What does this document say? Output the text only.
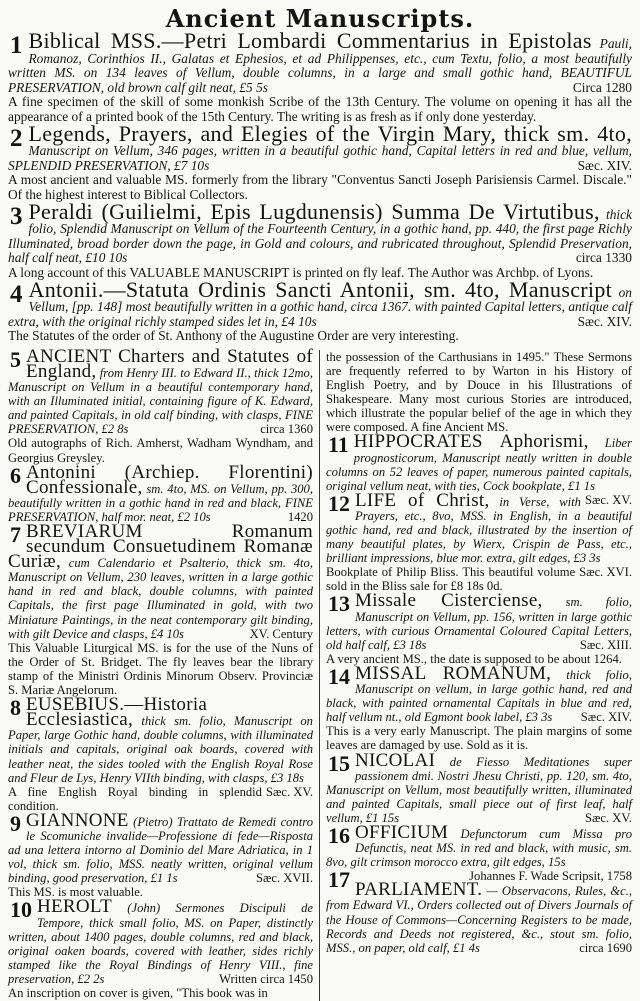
Ancient Manuscripts.

1 Biblical MSS.—Petri Lombardi Commentarius in Epistolas Pauli, Romanoz, Corinthios II., Galatas et Ephesios, et ad Philippenses, etc., cum Textu, folio, a most beautifully written MS. on 134 leaves of Vellum, double columns, in a large and small gothic hand, BEAUTIFUL PRESERVATION, old brown calf gilt neat, £5 5s	Circa 1280

A fine specimen of the skill of some monkish Scribe of the 13th Century. The volume on opening it has all the appearance of a printed book of the 15th Century. The writing is as fresh as if only done yesterday.

2 Legends, Prayers, and Elegies of the Virgin Mary, thick sm. 4to, Manuscript on Vellum, 346 pages, written in a beautiful gothic hand, Capital letters in red and blue, vellum, SPLENDID PRESERVATION, £7 10s	Sæc. XIV.

A most ancient and valuable MS. formerly from the library "Conventus Sancti Joseph Parisiensis Carmel. Discale." Of the highest interest to Biblical Collectors.

3 Peraldi (Guilielmi, Epis Lugdunensis) Summa De Virtutibus, thick folio, Splendid Manuscript on Vellum of the Fourteenth Century, in a gothic hand, pp. 440, the first page Richly Illuminated, broad border down the page, in Gold and colours, and rubricated throughout, Splendid Preservation, half calf neat, £10 10s	circa 1330

A long account of this VALUABLE MANUSCRIPT is printed on fly leaf. The Author was Archbp. of Lyons.

4 Antonii.—Statuta Ordinis Sancti Antonii, sm. 4to, Manuscript on Vellum, [pp. 148] most beautifully written in a gothic hand, circa 1367. with painted Capital letters, antique calf extra, with the original richly stamped sides let in, £4 10s	Sæc. XIV.

The Statutes of the order of St. Anthony of the Augustine Order are very interesting.

5 ANCIENT Charters and Statutes of England, from Henry III. to Edward II., thick 12mo, Manuscript on Vellum in a beautiful contemporary hand, with an Illuminated initial, containing figure of K. Edward, and painted Capitals, in old calf binding, with clasps, FINE PRESERVATION, £2 8s	circa 1360

Old autographs of Rich. Amherst, Wadham Wyndham, and Georgius Greysley.

6 Antonini (Archiep. Florentini) Confessionale, sm. 4to, MS. on Vellum, pp. 300, beautifully written in a gothic hand in red and black, FINE PRESERVATION, half mor. neat, £2 10s	1420

7 BREVIARUM Romanum secundum Consuetudinem Romanæ Curiæ, cum Calendario et Psalterio, thick sm. 4to, Manuscript on Vellum, 230 leaves, written in a large gothic hand in red and black, double columns, with painted Capitals, the first page Illuminated in gold, with two Miniature Paintings, in the neat contemporary gilt binding, with gilt Device and clasps, £4 10s	XV. Century

This Valuable Liturgical MS. is for the use of the Nuns of the Order of St. Bridget. The fly leaves bear the library stamp of the Ministri Ordinis Minorum Observ. Provinciæ S. Mariæ Angelorum.

8 EUSEBIUS.—Historia Ecclesiastica, thick sm. folio, Manuscript on Paper, large Gothic hand, double columns, with illuminated initials and capitals, original oak boards, covered with leather neat, the sides tooled with the English Royal Rose and Fleur de Lys, Henry VIIth binding, with clasps, £3 18s
Sæc. XV.

A fine English Royal binding in splendid condition.

9 GIANNONE (Pietro) Trattato de Remedi contro le Scomuniche invalide—Professione di fede—Risposta ad una lettera intorno al Dominio del Mare Adriatica, in 1 vol, thick sm. folio, MSS. neatly written, original vellum binding, good preservation, £1 1s	Sæc. XVII.

This MS. is most valuable.

10 HEROLT (John) Sermones Discipuli de Tempore, thick small folio, MS. on Paper, distinctly written, about 1400 pages, double columns, red and black, original oaken boards, covered with leather, sides richly stamped like the Royal Bindings of Henry VIII., fine preservation, £2 2s	Written circa 1450

An inscription on cover is given, "This book was in

the possession of the Carthusians in 1495." These Sermons are frequently referred to by Warton in his History of English Poetry, and by Douce in his Illustrations of Shakespeare. Many most curious Stories are introduced, which illustrate the popular belief of the age in which they were composed. A fine Ancient MS.

11 HIPPOCRATES Aphorismi, Liber prognosticorum, Manuscript neatly written in double columns on 52 leaves of paper, numerous painted capitals, original vellum neat, with ties, Cock bookplate, £1 1s
Sæc. XV.

12 LIFE of Christ, in Verse, with Prayers, etc., 8vo, MSS. in English, in a beautiful gothic hand, red and black, illustrated by the insertion of many beautiful plates, by Wierx, Crispin de Pass, etc., brilliant impressions, blue mor. extra, gilt edges, £3 3s
Sæc. XVI.

Bookplate of Philip Bliss. This beautiful volume sold in the Bliss sale for £8 18s 0d.

13 Missale Cisterciense, sm. folio, Manuscript on Vellum, pp. 156, written in large gothic letters, with curious Ornamental Coloured Capital Letters, old half calf, £3 18s	Sæc. XIII.

A very ancient MS., the date is supposed to be about 1264.

14 MISSAL ROMANUM, thick folio, Manuscript on vellum, in large gothic hand, red and black, with painted ornamental Capitals in blue and red, half vellum nt., old Egmont book label, £3 3s	Sæc. XIV.

This is a very early Manuscript. The plain margins of some leaves are damaged by use. Sold as it is.

15 NICOLAI de Fiesso Meditationes super passionem dmi. Nostri Jhesu Christi, pp. 120, sm. 4to, Manuscript on Vellum, most beautifully written, illuminated and painted Capitals, small piece out of first leaf, half vellum, £1 15s	Sæc. XV.

16 OFFICIUM Defunctorum cum Missa pro Defunctis, neat MS. in red and black, with music, sm. 8vo, gilt crimson morocco extra, gilt edges, 15s
Johannes F. Wade Scripsit, 1758

17 PARLIAMENT. — Observacons, Rules, &c., from Edward VI., Orders collected out of Divers Journals of the House of Commons—Concerning Registers to be made, Records and Deeds not registered, &c., stout sm. folio, MSS., on paper, old calf, £1 4s	circa 1690
